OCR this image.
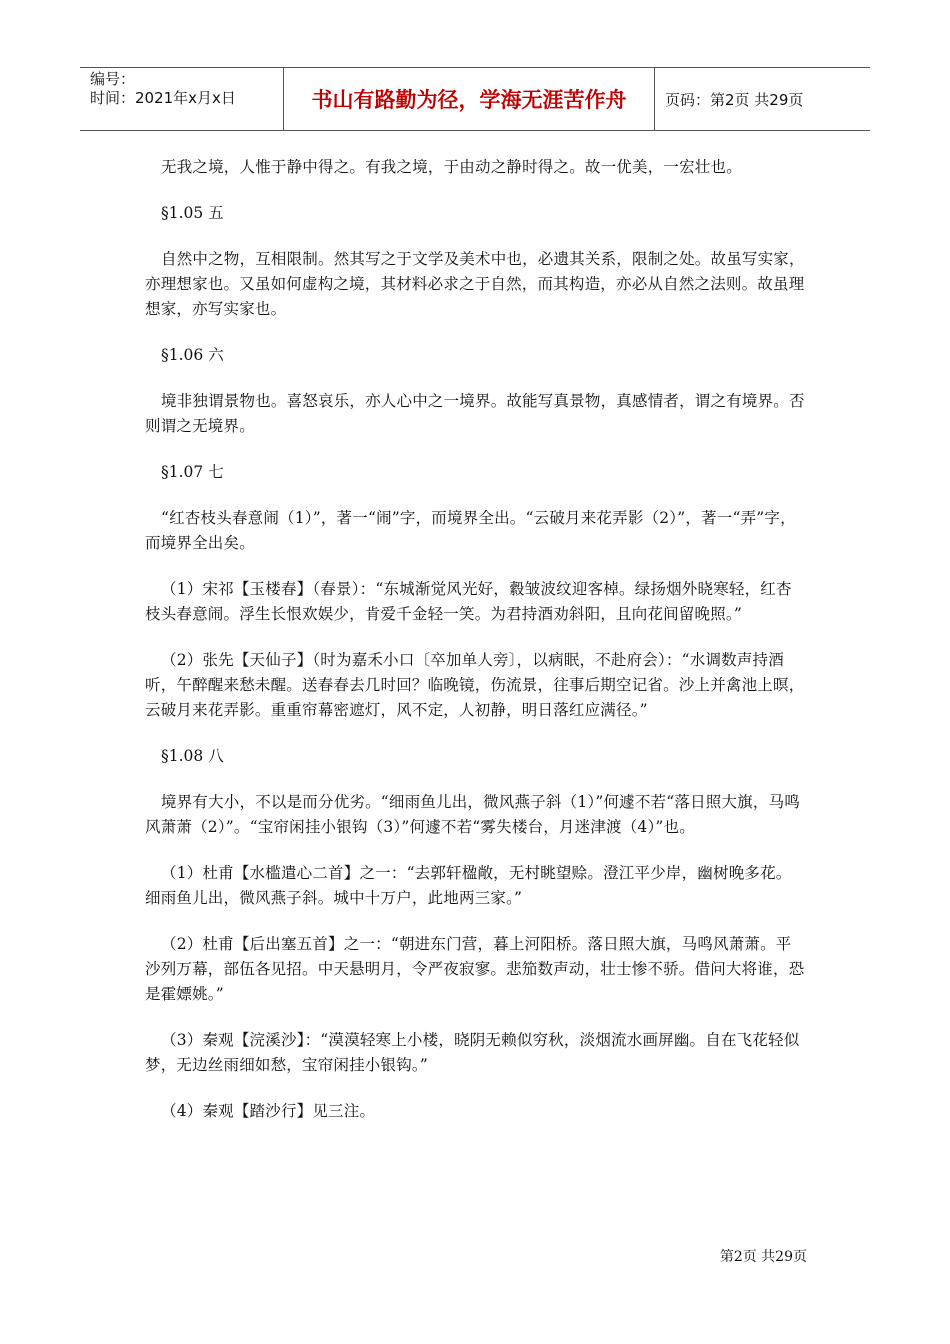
编号：
时间：2021年x月x日	书山有路勤为径，学海无涯苦作舟	页码：第2页 共29页

无我之境，人惟于静中得之。有我之境，于由动之静时得之。故一优美，一宏壮也。

§1.05 五

自然中之物，互相限制。然其写之于文学及美术中也，必遗其关系，限制之处。故虽写实家，亦理想家也。又虽如何虚构之境，其材料必求之于自然，而其构造，亦必从自然之法则。故虽理想家，亦写实家也。

§1.06 六

境非独谓景物也。喜怒哀乐，亦人心中之一境界。故能写真景物，真感情者，谓之有境界。否则谓之无境界。

§1.07 七

“红杏枝头春意闹（1）”，著一“闹”字，而境界全出。“云破月来花弄影（2）”，著一“弄”字，而境界全出矣。

（1）宋祁【玉楼春】（春景）：“东城渐觉风光好，縠皱波纹迎客棹。绿扬烟外晓寒轻，红杏枝头春意闹。浮生长恨欢娱少，肯爱千金轻一笑。为君持酒劝斜阳，且向花间留晚照。”

（2）张先【天仙子】（时为嘉禾小口〔卒加单人旁〕，以病眠，不赴府会）：“水调数声持酒听，午醉醒来愁未醒。送春春去几时回？临晚镜，伤流景，往事后期空记省。沙上并禽池上暝，云破月来花弄影。重重帘幕密遮灯，风不定，人初静，明日落红应满径。”

§1.08 八

境界有大小，不以是而分优劣。“细雨鱼儿出，微风燕子斜（1）”何遽不若“落日照大旗，马鸣风萧萧（2）”。“宝帘闲挂小银钩（3）”何遽不若“雾失楼台，月迷津渡（4）”也。

（1）杜甫【水槛遣心二首】之一：“去郭轩楹敞，无村眺望赊。澄江平少岸，幽树晚多花。细雨鱼儿出，微风燕子斜。城中十万户，此地两三家。”

（2）杜甫【后出塞五首】之一：“朝进东门营，暮上河阳桥。落日照大旗，马鸣风萧萧。平沙列万幕，部伍各见招。中天悬明月，令严夜寂寥。悲笳数声动，壮士惨不骄。借问大将谁，恐是霍嫖姚。”

（3）秦观【浣溪沙】：“漠漠轻寒上小楼，晓阴无赖似穷秋，淡烟流水画屏幽。自在飞花轻似梦，无边丝雨细如愁，宝帘闲挂小银钩。”

（4）秦观【踏沙行】见三注。

第2页 共29页
